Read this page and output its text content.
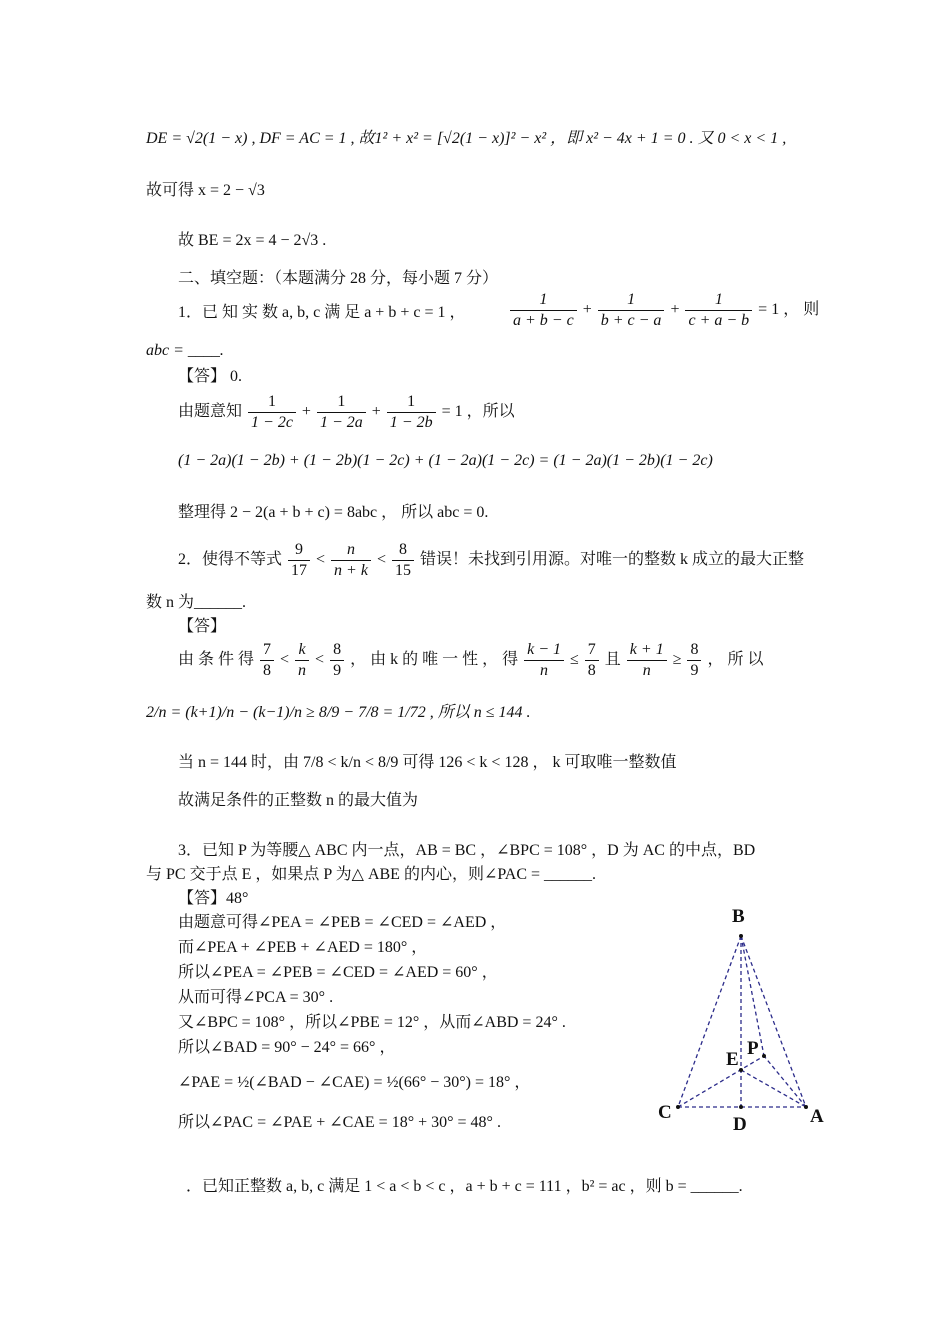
DE = √2(1 − x) , DF = AC = 1 , 故1² + x² = [√2(1 − x)]² − x² ，即 x² − 4x + 1 = 0 . 又 0 < x < 1 ,
故可得 x = 2 − √3
故 BE = 2x = 4 − 2√3 .
二、填空题：（本题满分 28 分，每小题 7 分）
1．已 知 实 数 a, b, c 满 足 a + b + c = 1 ，	$\frac{1}{a + b - c} + \frac{1}{b + c - a} + \frac{1}{c + a - b} = 1$ ， 则
abc = ____.
【答】 0.
由题意知 $\frac{1}{1 - 2c} + \frac{1}{1 - 2a} + \frac{1}{1 - 2b} = 1$ ，所以
(1 − 2a)(1 − 2b) + (1 − 2b)(1 − 2c) + (1 − 2a)(1 − 2c) = (1 − 2a)(1 − 2b)(1 − 2c)
整理得 2 − 2(a + b + c) = 8abc ， 所以 abc = 0.
2．使得不等式 $\frac{9}{17} < \frac{n}{n + k} < \frac{8}{15}$ 错误！未找到引用源。对唯一的整数 k 成立的最大正整
数 n 为______.
【答】
由 条 件 得 $\frac{7}{8} < \frac{k}{n} < \frac{8}{9}$ ， 由 k 的 唯 一 性 ， 得 $\frac{k - 1}{n} \le \frac{7}{8}$ 且 $\frac{k + 1}{n} \ge \frac{8}{9}$ ， 所 以
2/n = (k+1)/n − (k−1)/n ≥ 8/9 − 7/8 = 1/72 , 所以 n ≤ 144 .
当 n = 144 时，由 7/8 < k/n < 8/9 可得 126 < k < 128 ， k 可取唯一整数值
故满足条件的正整数 n 的最大值为
3．已知 P 为等腰△ ABC 内一点，AB = BC ，∠BPC = 108° ，D 为 AC 的中点，BD
与 PC 交于点 E ，如果点 P 为△ ABE 的内心，则∠PAC = ______.
【答】48°
由题意可得∠PEA = ∠PEB = ∠CED = ∠AED ，
而∠PEA + ∠PEB + ∠AED = 180° ，
所以∠PEA = ∠PEB = ∠CED = ∠AED = 60° ，
从而可得∠PCA = 30° .
又∠BPC = 108° ，所以∠PBE = 12° ，从而∠ABD = 24° .
所以∠BAD = 90° − 24° = 66° ，
∠PAE = ½(∠BAD − ∠CAE) = ½(66° − 30°) = 18° ，
所以∠PAC = ∠PAE + ∠CAE = 18° + 30° = 48° .
B
P
E
C
D	A
．已知正整数 a, b, c 满足 1 < a < b < c ，a + b + c = 111 ，b² = ac ，则 b = ______.
